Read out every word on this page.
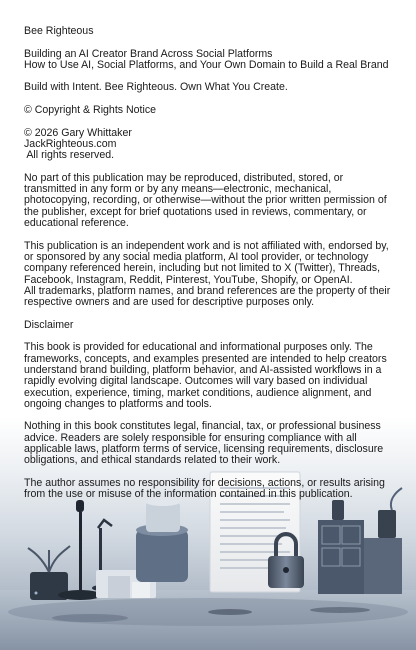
Bee Righteous

Building an AI Creator Brand Across Social Platforms
How to Use AI, Social Platforms, and Your Own Domain to Build a Real Brand

Build with Intent. Bee Righteous. Own What You Create.

© Copyright & Rights Notice

© 2026 Gary Whittaker
JackRighteous.com
All rights reserved.

No part of this publication may be reproduced, distributed, stored, or transmitted in any form or by any means—electronic, mechanical, photocopying, recording, or otherwise—without the prior written permission of the publisher, except for brief quotations used in reviews, commentary, or educational reference.

This publication is an independent work and is not affiliated with, endorsed by, or sponsored by any social media platform, AI tool provider, or technology company referenced herein, including but not limited to X (Twitter), Threads, Facebook, Instagram, Reddit, Pinterest, YouTube, Shopify, or OpenAI.
All trademarks, platform names, and brand references are the property of their respective owners and are used for descriptive purposes only.

Disclaimer

This book is provided for educational and informational purposes only. The frameworks, concepts, and examples presented are intended to help creators understand brand building, platform behavior, and AI-assisted workflows in a rapidly evolving digital landscape. Outcomes will vary based on individual execution, experience, timing, market conditions, audience alignment, and ongoing changes to platforms and tools.

Nothing in this book constitutes legal, financial, tax, or professional business advice. Readers are solely responsible for ensuring compliance with all applicable laws, platform terms of service, licensing requirements, disclosure obligations, and ethical standards related to their work.

The author assumes no responsibility for decisions, actions, or results arising from the use or misuse of the information contained in this publication.
